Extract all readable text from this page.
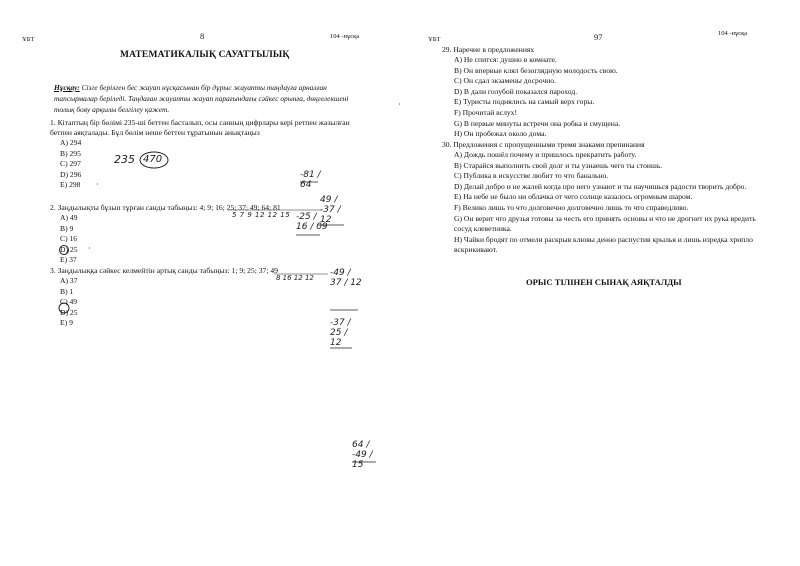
ҰБТ	8	104 -нұсқа
МАТЕМАТИКАЛЫҚ САУАТТЫЛЫҚ
Нұсқау: Сізге берілген бес жауап нұсқасынан бір дұрыс жауапты таңдауға арналған тапсырмалар беріледі. Таңдаған жауапты жауап парағындағы сәйкес орынға, дөңгелекшені толық бояу арқылы белгілеу қажет.
1. Кітаптың бір бөлімі 235-ші беттен басталып, осы санның цифрлары кері ретпен жазылған бетпен аяқталады. Бұл бөлім неше беттен тұратынын анықтаңыз
A) 294
B) 295
C) 297
D) 296
E) 298
2. Заңдылықты бұзып тұрған санды табыңыз: 4; 9; 16; 25; 37; 49; 64; 81
A) 49
B) 9
C) 16
D) 25
E) 37
3. Заңдылыққа сәйкес келмейтін артық санды табыңыз: 1; 9; 25; 37; 49
A) 37
B) 1
C) 49
D) 25
E) 9
235 470
5 7 9 12 12 15
8 16 12 12
-81 / 64
49 / -37 / 12
-25 / 16 / 09
-49 / 37 / 12
-37 / 25 / 12
64 / -49 / 15
·
·
·
ҰБТ	97	104 -нұсқа
29. Наречие в предложениях
A) Не спится: душно в комнате.
B) Он впервые клял безоглядную молодость свою.
C) Он сдал экзамены досрочно.
D) В дали голубой показался пароход.
E) Туристы поднялись на самый верх горы.
F) Прочитай вслух!
G) В первые минуты встречи она робка и смущена.
H) Он пробежал около дома.
30. Предложения с пропущенными тремя знаками препинания
A) Дождь пошёл почему и пришлось прекратить работу.
B) Старайся выполнить свой долг и ты узнаешь чего ты стоишь.
C) Публика в искусстве любит то что банально.
D) Делай добро и не жалей когда про него узнают и ты научишься радости творить добро.
E) На небе не было ни облачка от чего солнце казалось огромным шаром.
F) Велико лишь то что долговечно долговечно лишь то что справедливо.
G) Он верит что друзья готовы за честь его принять основы и что не дрогнет их рука вредить сосуд клеветника.
H) Чайки бродят по отмели раскрыв клювы денно распустив крылья и лишь изредка хрипло вскрикивают.
ОРЫС ТІЛІНЕН СЫНАҚ АЯҚТАЛДЫ
